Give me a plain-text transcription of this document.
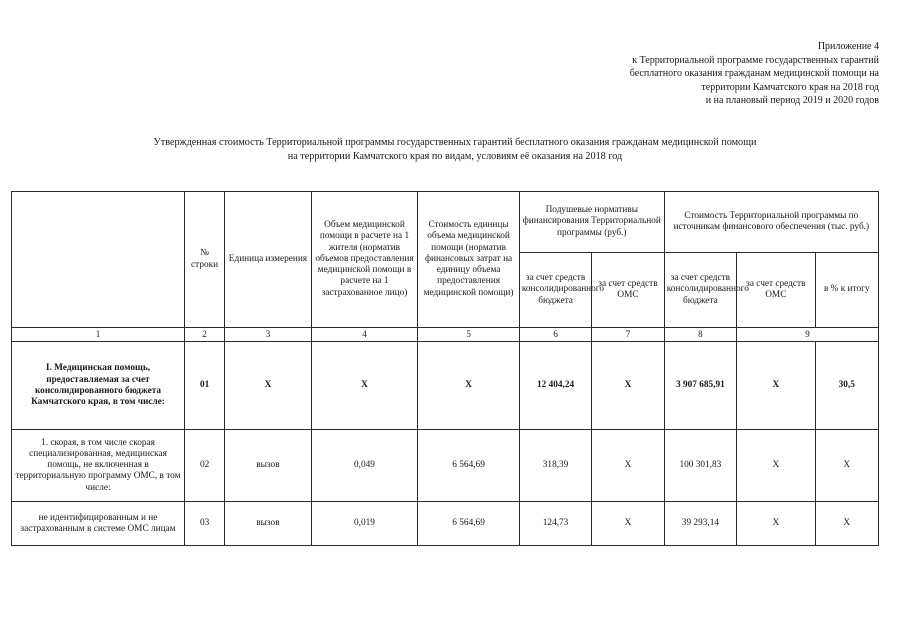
Приложение 4
к Территориальной программе государственных гарантий
бесплатного оказания гражданам медицинской помощи на
территории Камчатского края на 2018 год
и на плановый период 2019 и 2020 годов
Утвержденная стоимость Территориальной программы государственных гарантий бесплатного оказания гражданам медицинской помощи
на территории Камчатского края по видам, условиям её оказания на 2018 год
	№ строки	Единица измерения	Объем медицинской помощи в расчете на 1 жителя (норматив объемов предоставления медицинской помощи в расчете на 1 застрахованное лицо)	Стоимость единицы объема медицинской помощи (норматив финансовых затрат на единицу объема предоставления медицинской помощи)	Подушевые нормативы финансирования Территориальной программы (руб.)		Стоимость Территориальной программы по источникам финансового обеспечения (тыс. руб.)		
					за счет средств консолидированного бюджета	за счет средств ОМС	за счет средств консолидированного бюджета	за счет средств ОМС	в % к итогу
1	2	3	4	5	6	7	8	9	
I. Медицинская помощь, предоставляемая за счет консолидированного бюджета Камчатского края, в том числе:	01	X	X	X	12 404,24	X	3 907 685,91	X	30,5
1. скорая, в том числе скорая специализированная, медицинская помощь, не включенная в территориальную программу ОМС, в том числе:	02	вызов	0,049	6 564,69	318,39	X	100 301,83	X	X
не идентифицированным и не застрахованным в системе ОМС лицам	03	вызов	0,019	6 564,69	124,73	X	39 293,14	X	X
